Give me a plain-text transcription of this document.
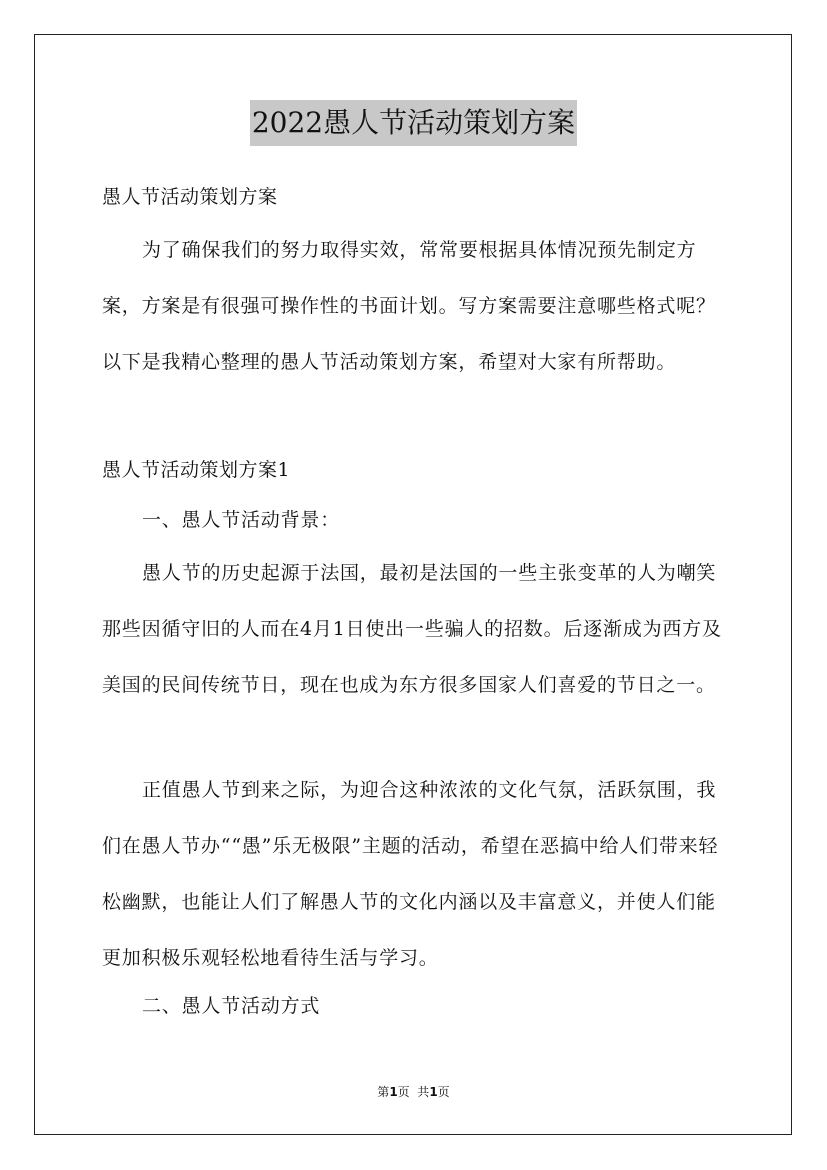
2022愚人节活动策划方案

愚人节活动策划方案

为了确保我们的努力取得实效，常常要根据具体情况预先制定方案，方案是有很强可操作性的书面计划。写方案需要注意哪些格式呢？以下是我精心整理的愚人节活动策划方案，希望对大家有所帮助。

愚人节活动策划方案1

一、愚人节活动背景：

愚人节的历史起源于法国，最初是法国的一些主张变革的人为嘲笑那些因循守旧的人而在4月1日使出一些骗人的招数。后逐渐成为西方及美国的民间传统节日，现在也成为东方很多国家人们喜爱的节日之一。

正值愚人节到来之际，为迎合这种浓浓的文化气氛，活跃氛围，我们在愚人节办““愚”乐无极限”主题的活动，希望在恶搞中给人们带来轻松幽默，也能让人们了解愚人节的文化内涵以及丰富意义，并使人们能更加积极乐观轻松地看待生活与学习。

二、愚人节活动方式

第1页  共1页
